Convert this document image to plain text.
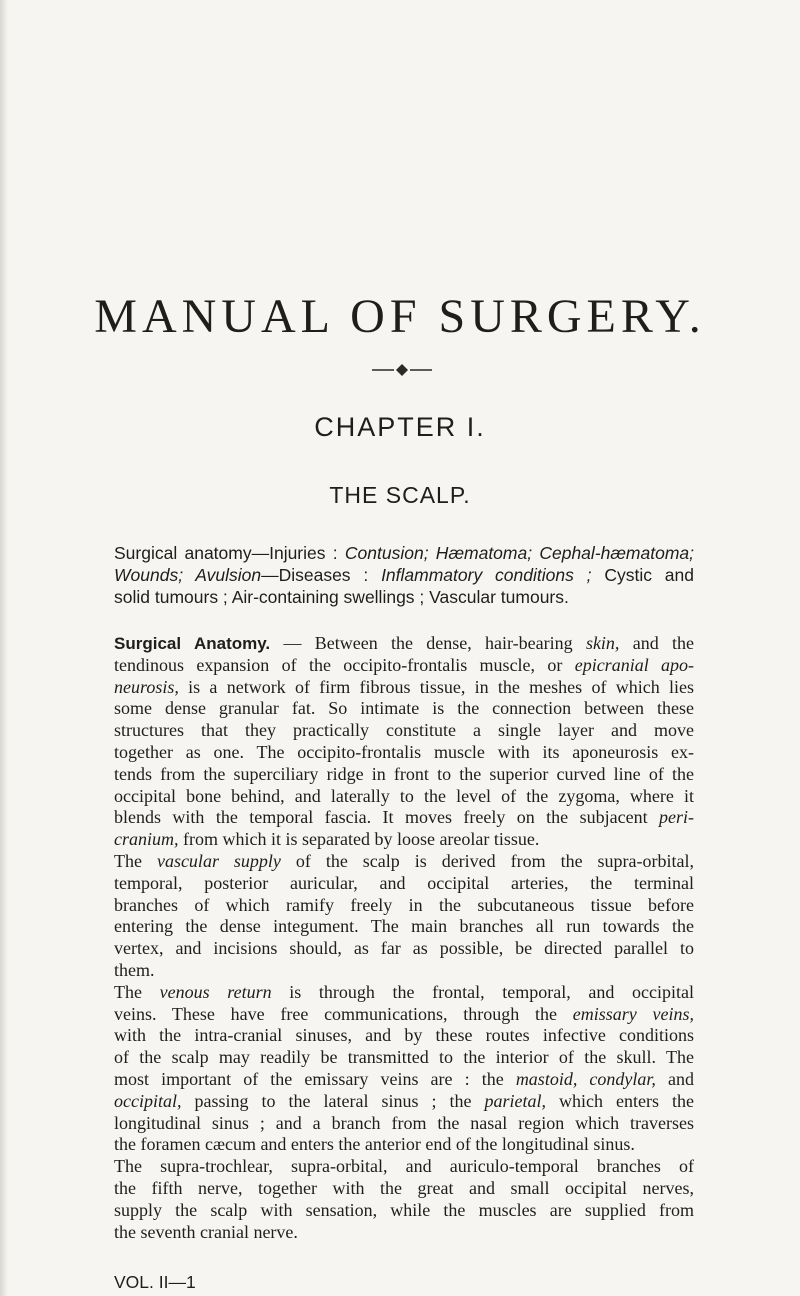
MANUAL OF SURGERY.
CHAPTER I.
THE SCALP.
Surgical anatomy—Injuries : Contusion; Hæmatoma; Cephal-hæmatoma;
Wounds; Avulsion—Diseases : Inflammatory conditions ; Cystic and
solid tumours ; Air-containing swellings ; Vascular tumours.
Surgical Anatomy. — Between the dense, hair-bearing skin, and the
tendinous expansion of the occipito-frontalis muscle, or epicranial apo-
neurosis, is a network of firm fibrous tissue, in the meshes of which lies
some dense granular fat. So intimate is the connection between these
structures that they practically constitute a single layer and move
together as one. The occipito-frontalis muscle with its aponeurosis ex-
tends from the superciliary ridge in front to the superior curved line of the
occipital bone behind, and laterally to the level of the zygoma, where it
blends with the temporal fascia. It moves freely on the subjacent peri-
cranium, from which it is separated by loose areolar tissue.
The vascular supply of the scalp is derived from the supra-orbital,
temporal, posterior auricular, and occipital arteries, the terminal
branches of which ramify freely in the subcutaneous tissue before
entering the dense integument. The main branches all run towards the
vertex, and incisions should, as far as possible, be directed parallel to
them.
The venous return is through the frontal, temporal, and occipital
veins. These have free communications, through the emissary veins,
with the intra-cranial sinuses, and by these routes infective conditions
of the scalp may readily be transmitted to the interior of the skull. The
most important of the emissary veins are : the mastoid, condylar, and
occipital, passing to the lateral sinus ; the parietal, which enters the
longitudinal sinus ; and a branch from the nasal region which traverses
the foramen cæcum and enters the anterior end of the longitudinal sinus.
The supra-trochlear, supra-orbital, and auriculo-temporal branches of
the fifth nerve, together with the great and small occipital nerves,
supply the scalp with sensation, while the muscles are supplied from
the seventh cranial nerve.
VOL. II—1
